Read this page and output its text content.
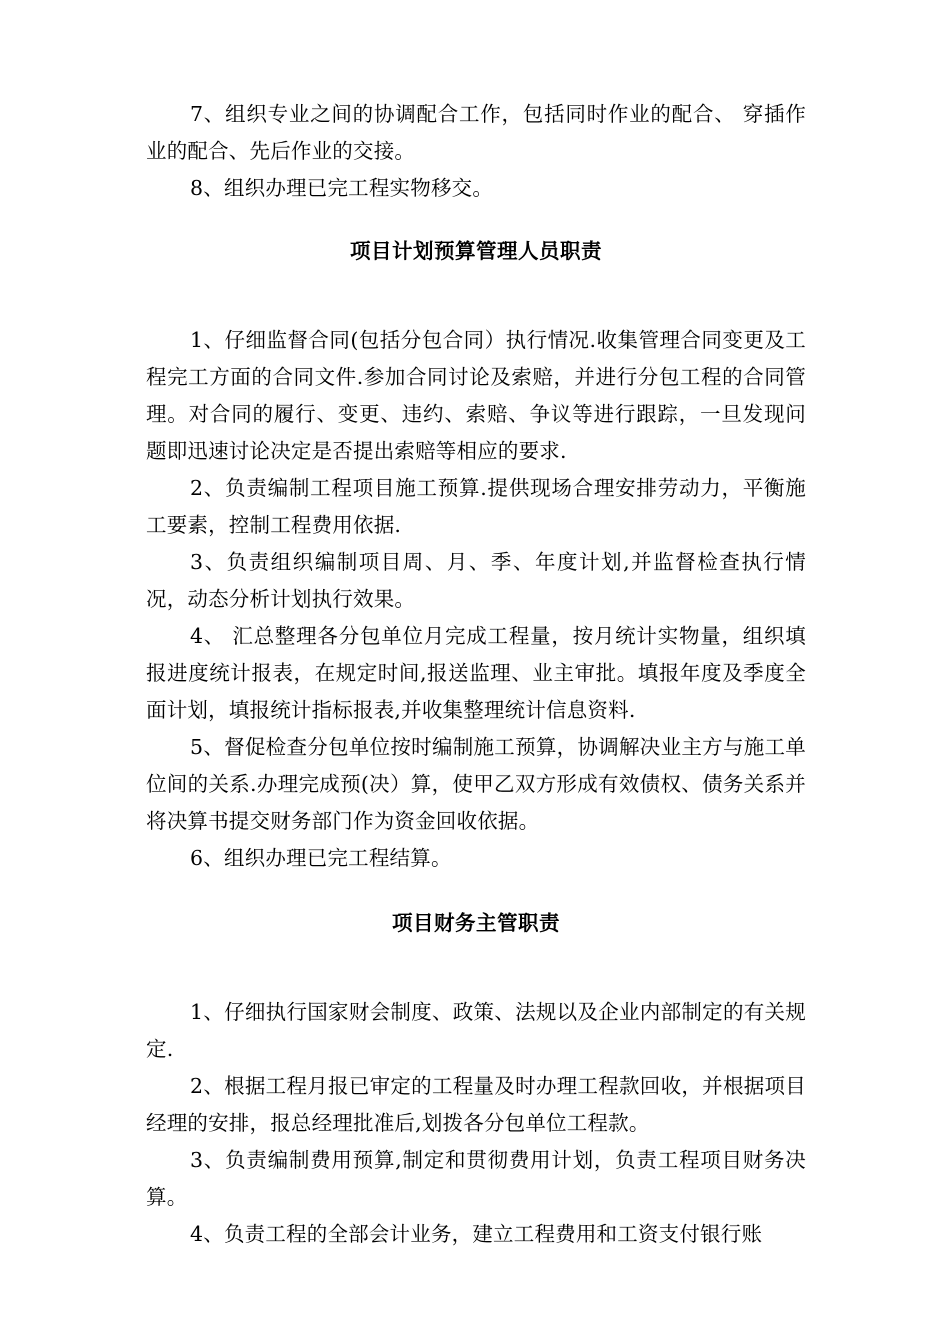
7、组织专业之间的协调配合工作，包括同时作业的配合、 穿插作业的配合、先后作业的交接。

8、组织办理已完工程实物移交。

项目计划预算管理人员职责

1、仔细监督合同(包括分包合同）执行情况.收集管理合同变更及工程完工方面的合同文件.参加合同讨论及索赔，并进行分包工程的合同管理。对合同的履行、变更、违约、索赔、争议等进行跟踪，一旦发现问题即迅速讨论决定是否提出索赔等相应的要求.

2、负责编制工程项目施工预算.提供现场合理安排劳动力，平衡施工要素，控制工程费用依据.

3、负责组织编制项目周、月、季、年度计划,并监督检查执行情况，动态分析计划执行效果。

4、 汇总整理各分包单位月完成工程量，按月统计实物量，组织填报进度统计报表，在规定时间,报送监理、业主审批。填报年度及季度全面计划，填报统计指标报表,并收集整理统计信息资料.

5、督促检查分包单位按时编制施工预算，协调解决业主方与施工单位间的关系.办理完成预(决）算，使甲乙双方形成有效债权、债务关系并将决算书提交财务部门作为资金回收依据。

6、组织办理已完工程结算。

项目财务主管职责

1、仔细执行国家财会制度、政策、法规以及企业内部制定的有关规定.

2、根据工程月报已审定的工程量及时办理工程款回收，并根据项目经理的安排，报总经理批准后,划拨各分包单位工程款。

3、负责编制费用预算,制定和贯彻费用计划，负责工程项目财务决算。

4、负责工程的全部会计业务，建立工程费用和工资支付银行账
